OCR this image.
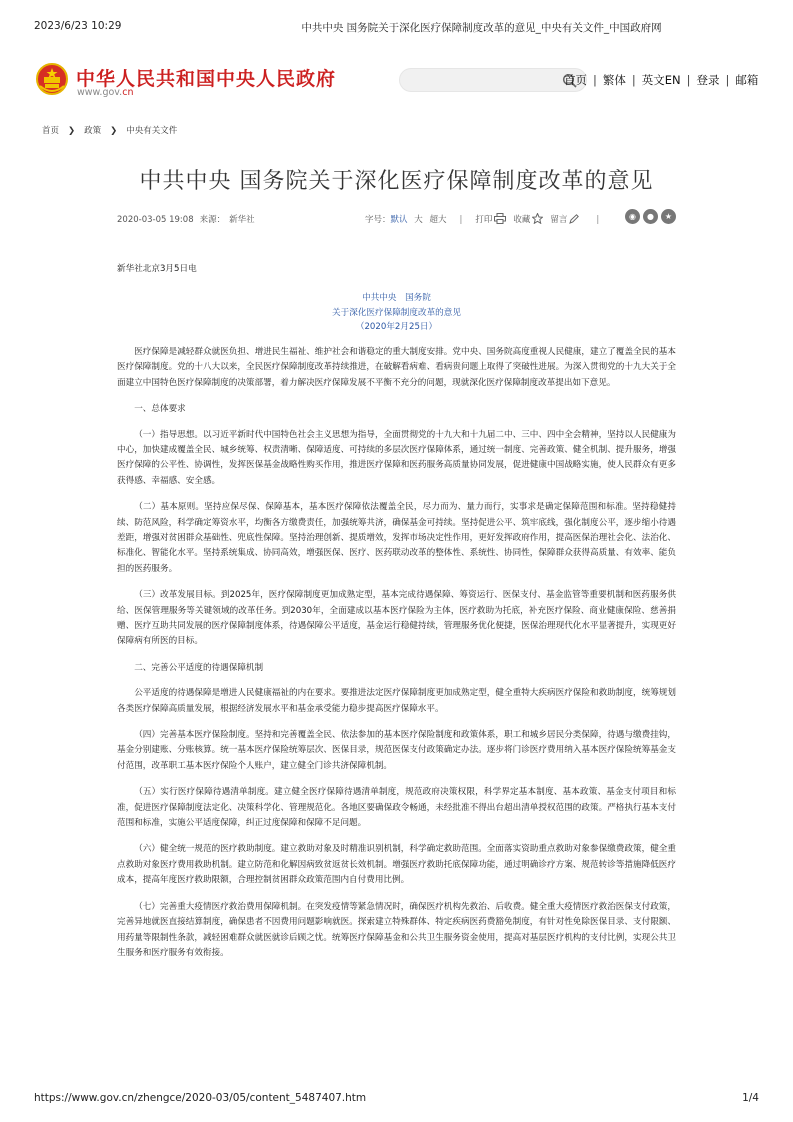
2023/6/23 10:29	中共中央 国务院关于深化医疗保障制度改革的意见_中央有关文件_中国政府网
中华人民共和国中央人民政府
www.gov.cn
首页 | 繁体 | 英文EN | 登录 | 邮箱
首页 ❯ 政策 ❯ 中央有关文件
中共中央 国务院关于深化医疗保障制度改革的意见
2020-03-05 19:08 来源： 新华社	字号：默认 大 超大 | 打印 收藏 留言	|	◉ ● ★

新华社北京3月5日电

中共中央　国务院

关于深化医疗保障制度改革的意见

（2020年2月25日）

医疗保障是减轻群众就医负担、增进民生福祉、维护社会和谐稳定的重大制度安排。党中央、国务院高度重视人民健康，建立了覆盖全民的基本医疗保障制度。党的十八大以来，全民医疗保障制度改革持续推进，在破解看病难、看病贵问题上取得了突破性进展。为深入贯彻党的十九大关于全面建立中国特色医疗保障制度的决策部署，着力解决医疗保障发展不平衡不充分的问题，现就深化医疗保障制度改革提出如下意见。

一、总体要求

（一）指导思想。以习近平新时代中国特色社会主义思想为指导，全面贯彻党的十九大和十九届二中、三中、四中全会精神，坚持以人民健康为中心，加快建成覆盖全民、城乡统筹、权责清晰、保障适度、可持续的多层次医疗保障体系，通过统一制度、完善政策、健全机制、提升服务，增强医疗保障的公平性、协调性，发挥医保基金战略性购买作用，推进医疗保障和医药服务高质量协同发展，促进健康中国战略实施，使人民群众有更多获得感、幸福感、安全感。

（二）基本原则。坚持应保尽保、保障基本，基本医疗保障依法覆盖全民，尽力而为、量力而行，实事求是确定保障范围和标准。坚持稳健持续、防范风险，科学确定筹资水平，均衡各方缴费责任，加强统筹共济，确保基金可持续。坚持促进公平、筑牢底线，强化制度公平，逐步缩小待遇差距，增强对贫困群众基础性、兜底性保障。坚持治理创新、提质增效，发挥市场决定性作用，更好发挥政府作用，提高医保治理社会化、法治化、标准化、智能化水平。坚持系统集成、协同高效，增强医保、医疗、医药联动改革的整体性、系统性、协同性，保障群众获得高质量、有效率、能负担的医药服务。

（三）改革发展目标。到2025年，医疗保障制度更加成熟定型，基本完成待遇保障、筹资运行、医保支付、基金监管等重要机制和医药服务供给、医保管理服务等关键领域的改革任务。到2030年，全面建成以基本医疗保险为主体，医疗救助为托底，补充医疗保险、商业健康保险、慈善捐赠、医疗互助共同发展的医疗保障制度体系，待遇保障公平适度，基金运行稳健持续，管理服务优化便捷，医保治理现代化水平显著提升，实现更好保障病有所医的目标。

二、完善公平适度的待遇保障机制

公平适度的待遇保障是增进人民健康福祉的内在要求。要推进法定医疗保障制度更加成熟定型，健全重特大疾病医疗保险和救助制度，统筹规划各类医疗保障高质量发展，根据经济发展水平和基金承受能力稳步提高医疗保障水平。

（四）完善基本医疗保险制度。坚持和完善覆盖全民、依法参加的基本医疗保险制度和政策体系，职工和城乡居民分类保障，待遇与缴费挂钩，基金分别建账、分账核算。统一基本医疗保险统筹层次、医保目录，规范医保支付政策确定办法。逐步将门诊医疗费用纳入基本医疗保险统筹基金支付范围，改革职工基本医疗保险个人账户，建立健全门诊共济保障机制。

（五）实行医疗保障待遇清单制度。建立健全医疗保障待遇清单制度，规范政府决策权限，科学界定基本制度、基本政策、基金支付项目和标准，促进医疗保障制度法定化、决策科学化、管理规范化。各地区要确保政令畅通，未经批准不得出台超出清单授权范围的政策。严格执行基本支付范围和标准，实施公平适度保障，纠正过度保障和保障不足问题。

（六）健全统一规范的医疗救助制度。建立救助对象及时精准识别机制，科学确定救助范围。全面落实资助重点救助对象参保缴费政策，健全重点救助对象医疗费用救助机制。建立防范和化解因病致贫返贫长效机制。增强医疗救助托底保障功能，通过明确诊疗方案、规范转诊等措施降低医疗成本，提高年度医疗救助限额，合理控制贫困群众政策范围内自付费用比例。

（七）完善重大疫情医疗救治费用保障机制。在突发疫情等紧急情况时，确保医疗机构先救治、后收费。健全重大疫情医疗救治医保支付政策，完善异地就医直接结算制度，确保患者不因费用问题影响就医。探索建立特殊群体、特定疾病医药费豁免制度，有针对性免除医保目录、支付限额、用药量等限制性条款，减轻困难群众就医就诊后顾之忧。统筹医疗保障基金和公共卫生服务资金使用，提高对基层医疗机构的支付比例，实现公共卫生服务和医疗服务有效衔接。

https://www.gov.cn/zhengce/2020-03/05/content_5487407.htm	1/4
